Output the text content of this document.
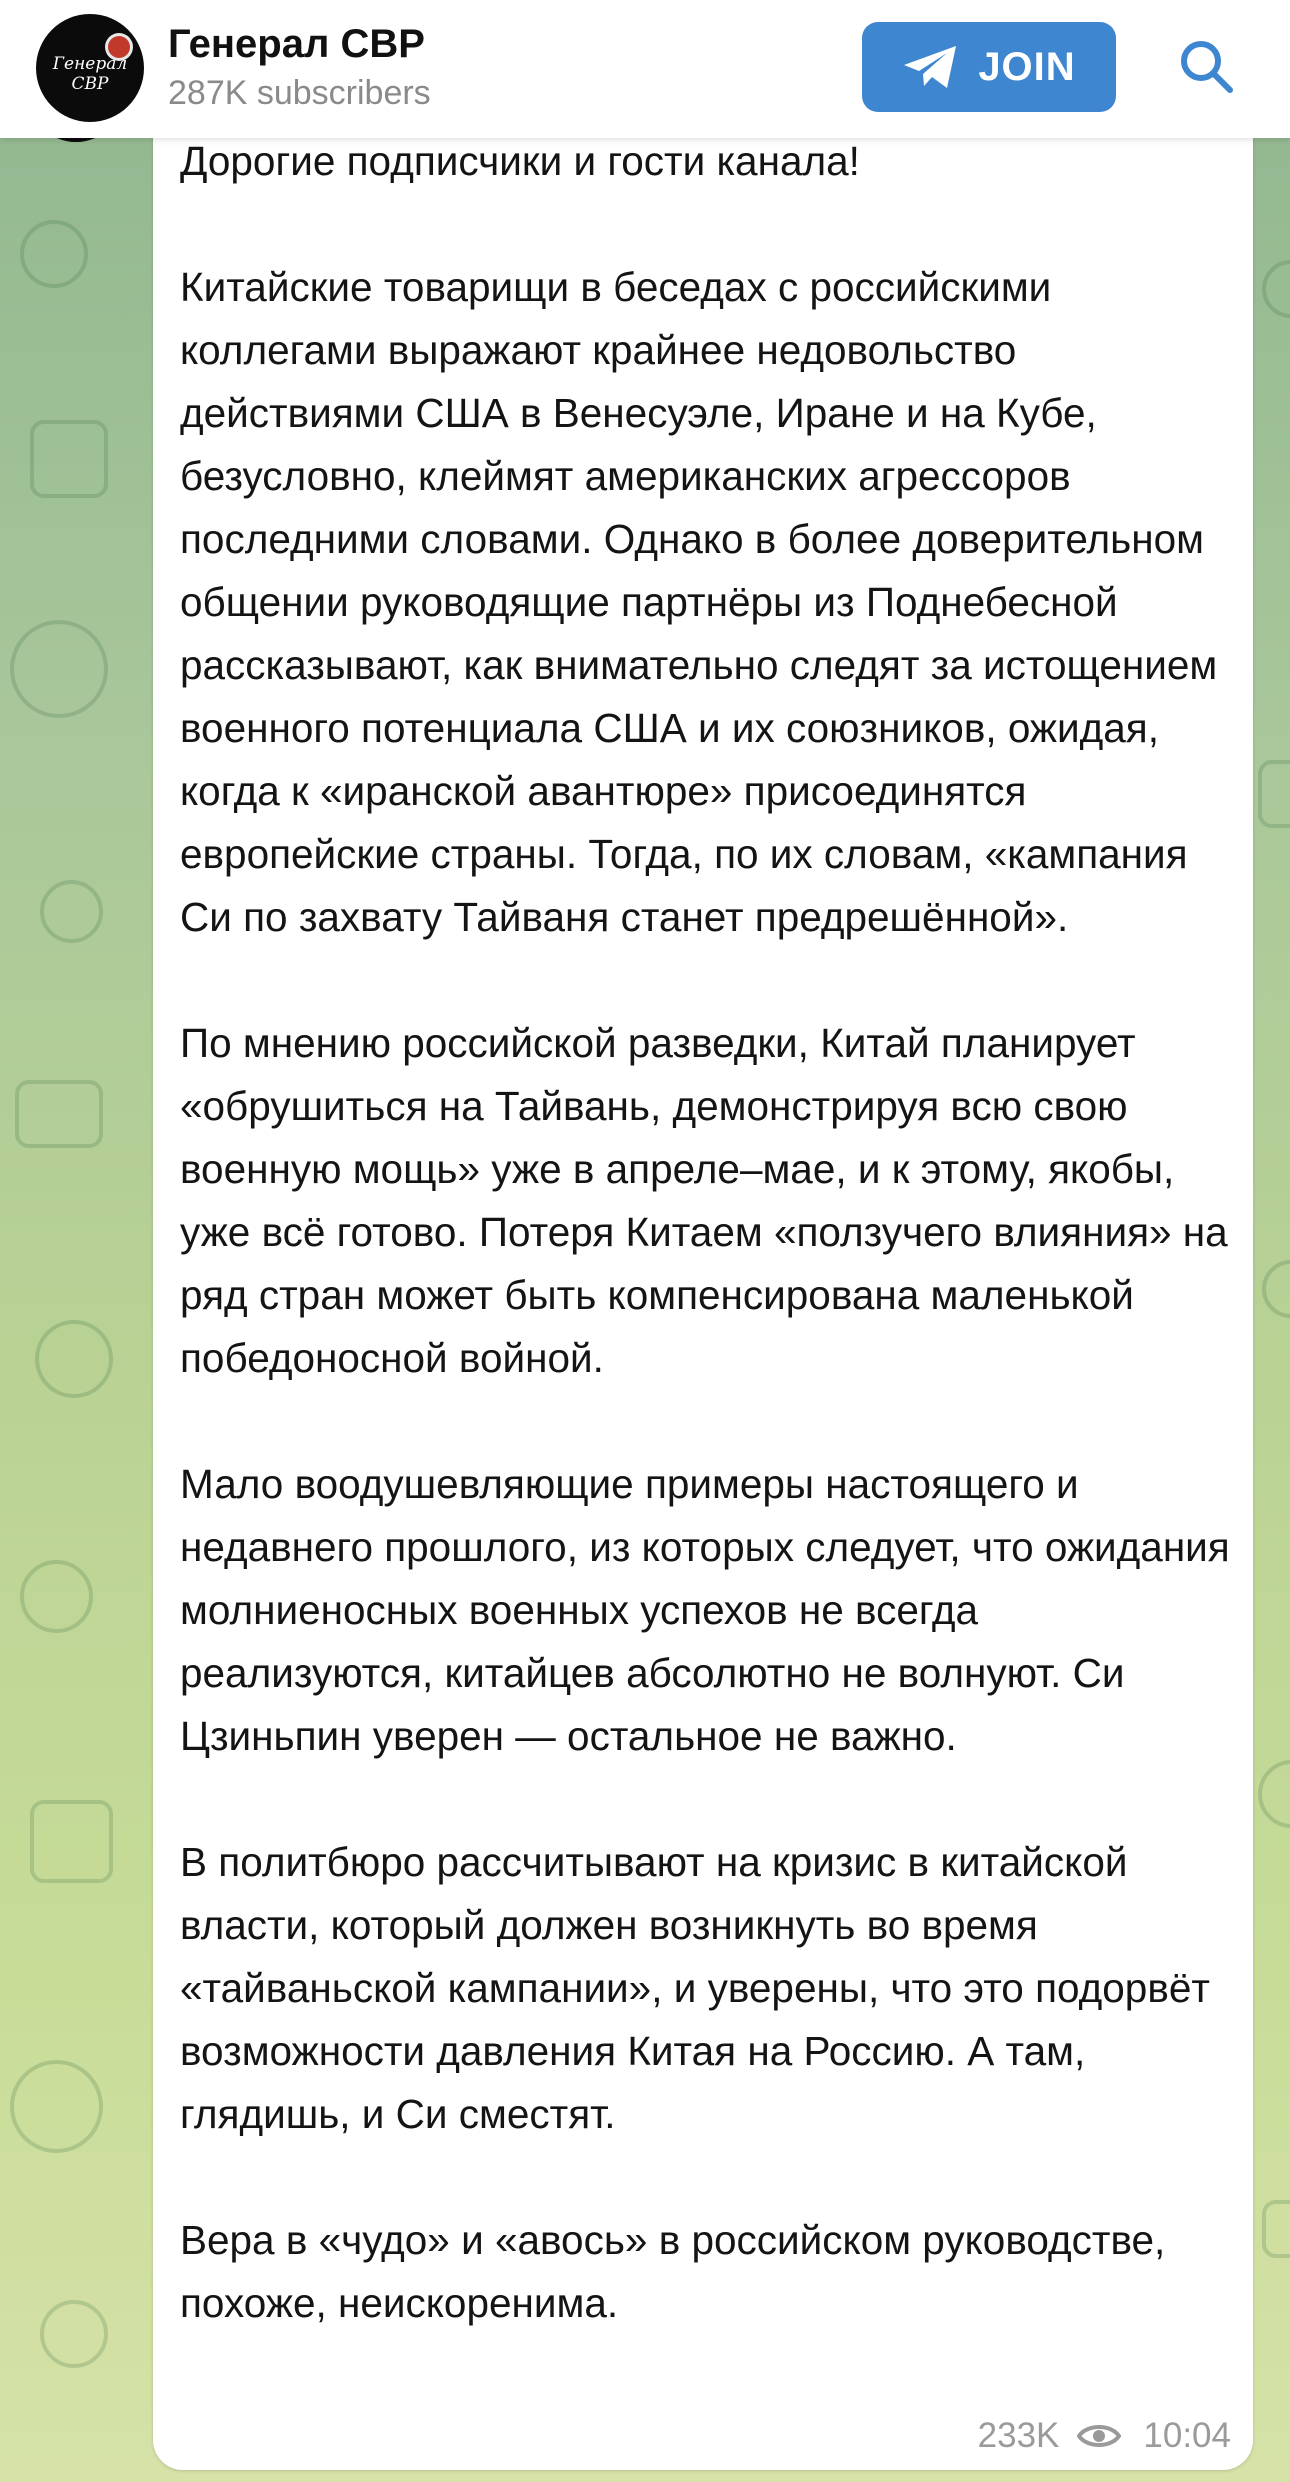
Генерал СВР
Генерал СВР
287K subscribers
JOIN

Дорогие подписчики и гости канала!

Китайские товарищи в беседах с российскими коллегами выражают крайнее недовольство действиями США в Венесуэле, Иране и на Кубе, безусловно, клеймят американских агрессоров последними словами. Однако в более доверительном общении руководящие партнёры из Поднебесной рассказывают, как внимательно следят за истощением военного потенциала США и их союзников, ожидая, когда к «иранской авантюре» присоединятся европейские страны. Тогда, по их словам, «кампания Си по захвату Тайваня станет предрешённой».

По мнению российской разведки, Китай планирует «обрушиться на Тайвань, демонстрируя всю свою военную мощь» уже в апреле–мае, и к этому, якобы, уже всё готово. Потеря Китаем «ползучего влияния» на ряд стран может быть компенсирована маленькой победоносной войной.

Мало воодушевляющие примеры настоящего и недавнего прошлого, из которых следует, что ожидания молниеносных военных успехов не всегда реализуются, китайцев абсолютно не волнуют. Си Цзиньпин уверен — остальное не важно.

В политбюро рассчитывают на кризис в китайской власти, который должен возникнуть во время «тайваньской кампании», и уверены, что это подорвёт возможности давления Китая на Россию. А там, глядишь, и Си сместят.

Вера в «чудо» и «авось» в российском руководстве, похоже, неискоренима.

233K 10:04
